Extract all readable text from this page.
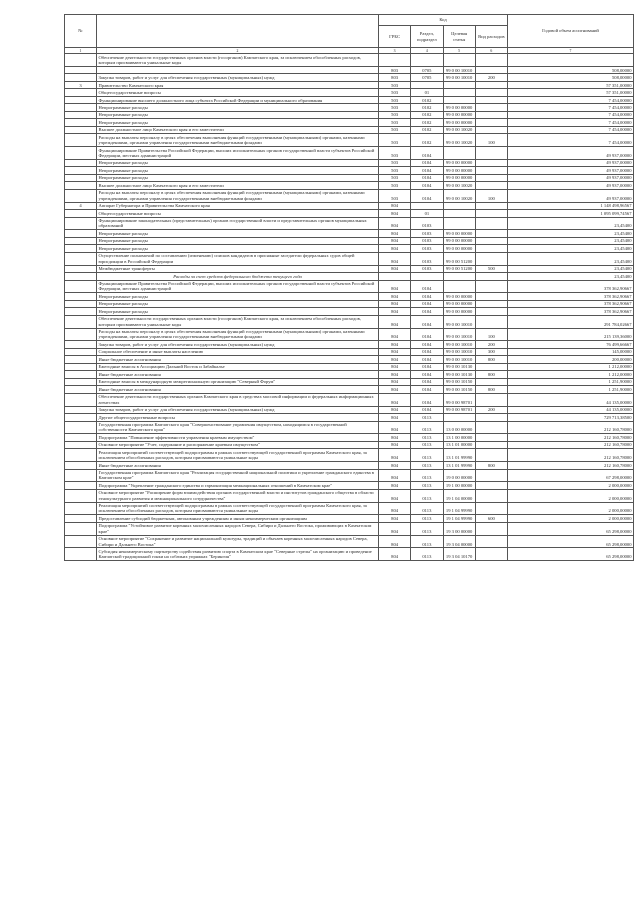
№		Код				Годовой объем ассигнований
		ГРБС	Раздел, подраздел	Целевая статья	Вид расходов	
1	2	3	4	5	6	7
	Обеспечение деятельности государственных органов власти (госорганов) Камчатского края, за исключением обособленных расходов, которым присваиваются уникальные коды					
		803	0705	99 0 00 10010		508,00000
	Закупка товаров, работ и услуг для обеспечения государственных (муниципальных) нужд	803	0705	99 0 00 10010	200	508,00000
3	Правительство Камчатского края	503				57 351,00000
	Общегосударственные вопросы	503	01			57 351,00000
	Функционирование высшего должностного лица субъекта Российской Федерации и муниципального образования	503	0102			7 454,00000
	Непрограммные расходы	503	0102	99 0 00 00000		7 454,00000
	Непрограммные расходы	503	0102	99 0 00 00000		7 454,00000
	Непрограммные расходы	503	0102	99 0 00 00000		7 454,00000
	Высшее должностное лицо Камчатского края и его заместители	503	0102	99 0 00 10020		7 454,00000
	Расходы на выплаты персоналу в целях обеспечения выполнения функций государственными (муниципальными) органами, казенными учреждениями, органами управления государственными внебюджетными фондами	503	0102	99 0 00 10020	100	7 454,00000
	Функционирование Правительства Российской Федерации, высших исполнительных органов государственной власти субъектов Российской Федерации, местных администраций	503	0104			49 937,00000
	Непрограммные расходы	503	0104	99 0 00 00000		49 937,00000
	Непрограммные расходы	503	0104	99 0 00 00000		49 937,00000
	Непрограммные расходы	503	0104	99 0 00 00000		49 937,00000
	Высшее должностное лицо Камчатского края и его заместители	503	0104	99 0 00 10020		49 937,00000
	Расходы на выплаты персоналу в целях обеспечения выполнения функций государственными (муниципальными) органами, казенными учреждениями, органами управления государственными внебюджетными фондами	503	0104	99 0 00 10020	100	49 937,00000
4	Аппарат Губернатора и Правительства Камчатского края	804				1 148 498,96567
	Общегосударственные вопросы	804	01			1 095 099,74567
	Функционирование законодательных (представительных) органов государственной власти и представительных органов муниципальных образований	804	0103			23,45400
	Непрограммные расходы	804	0103	99 0 00 00000		23,45400
	Непрограммные расходы	804	0103	99 0 00 00000		23,45400
	Непрограммные расходы	804	0103	99 0 00 00000		23,45400
	Осуществление полномочий по составлению (изменению) списков кандидатов в присяжные заседатели федеральных судов общей юрисдикции в Российской Федерации	804	0103	99 0 00 51200		23,45400
	Межбюджетные трансферты	804	0103	99 0 00 51200	500	23,45400
	Расходы за счет средств федерального бюджета текущего года					23,45400
	Функционирование Правительства Российской Федерации, высших исполнительных органов государственной власти субъектов Российской Федерации, местных администраций	804	0104			378 362,90667
	Непрограммные расходы	804	0104	99 0 00 00000		378 362,90667
	Непрограммные расходы	804	0104	99 0 00 00000		378 362,90667
	Непрограммные расходы	804	0104	99 0 00 00000		378 362,90667
	Обеспечение деятельности государственных органов власти (госорганов) Камчатского края, за исключением обособленных расходов, которым присваиваются уникальные коды	804	0104	99 0 00 10010		291 784,02667
	Расходы на выплаты персоналу в целях обеспечения выполнения функций государственными (муниципальными) органами, казенными учреждениями, органами управления государственными внебюджетными фондами	804	0104	99 0 00 10010	100	215 139,36000
	Закупка товаров, работ и услуг для обеспечения государственных (муниципальных) нужд	804	0104	99 0 00 10010	200	76 499,66667
	Социальное обеспечение и иные выплаты населению	804	0104	99 0 00 10010	300	145,00000
	Иные бюджетные ассигнования	804	0104	99 0 00 10010	800	200,00000
	Ежегодные взносы в Ассоциацию Дальний Восток и Забайкалье	804	0104	99 0 00 10130		1 212,00000
	Иные бюджетные ассигнования	804	0104	99 0 00 10130	800	1 212,00000
	Ежегодные взносы в международную межрегиональную организацию "Северный Форум"	804	0104	99 0 00 10150		1 251,90000
	Иные бюджетные ассигнования	804	0104	99 0 00 10150	800	1 251,90000
	Обеспечение деятельности государственных органов Камчатского края в средствах массовой информации и федеральных информационных агентствах	804	0104	99 0 00 98701		44 135,00000
	Закупка товаров, работ и услуг для обеспечения государственных (муниципальных) нужд	804	0104	99 0 00 98701	200	44 135,00000
	Другие общегосударственные вопросы	804	0113			729 713,38500
	Государственная программа Камчатского края "Совершенствование управления имуществом, находящимся в государственной собственности Камчатского края"	804	0113	13 0 00 00000		212 160,78000
	Подпрограмма "Повышение эффективности управления краевым имуществом"	804	0113	13 1 00 00000		212 160,78000
	Основное мероприятие "Учет, содержание и распоряжение краевым имуществом"	804	0113	13 1 01 00000		212 160,78000
	Реализация мероприятий соответствующей подпрограммы в рамках соответствующей государственной программы Камчатского края, за исключением обособленных расходов, которым присваиваются уникальные коды	804	0113	13 1 01 99990		212 160,78000
	Иные бюджетные ассигнования	804	0113	13 1 01 99990	800	212 160,78000
	Государственная программа Камчатского края "Реализация государственной национальной политики и укрепление гражданского единства в Камчатском крае"	804	0113	19 0 00 00000		67 298,00000
	Подпрограмма "Укрепление гражданского единства и гармонизация межнациональных отношений в Камчатском крае"	804	0113	19 1 00 00000		2 000,00000
	Основное мероприятие "Расширение форм взаимодействия органов государственной власти и институтов гражданского общества в области этнокультурного развития и межнационального сотрудничества"	804	0113	19 1 04 00000		2 000,00000
	Реализация мероприятий соответствующей подпрограммы в рамках соответствующей государственной программы Камчатского края, за исключением обособленных расходов, которым присваиваются уникальные коды	804	0113	19 1 04 99990		2 000,00000
	Предоставление субсидий бюджетным, автономным учреждениям и иным некоммерческим организациям	804	0113	19 1 04 99990	600	2 000,00000
	Подпрограмма "Устойчивое развитие коренных малочисленных народов Севера, Сибири и Дальнего Востока, проживающих в Камчатском крае"	804	0113	19 3 00 00000		65 298,00000
	Основное мероприятие "Сохранение и развитие национальной культуры, традиций и обычаев коренных малочисленных народов Севера, Сибири и Дальнего Востока"	804	0113	19 3 04 00000		65 298,00000
	Субсидия некоммерческому партнерству содействия развитию спорта в Камчатском крае "Северные стрелы" на организацию и проведение Камчатской традиционной гонки на собачьих упряжках "Берингия"	804	0113	19 3 04 10170		65 298,00000
